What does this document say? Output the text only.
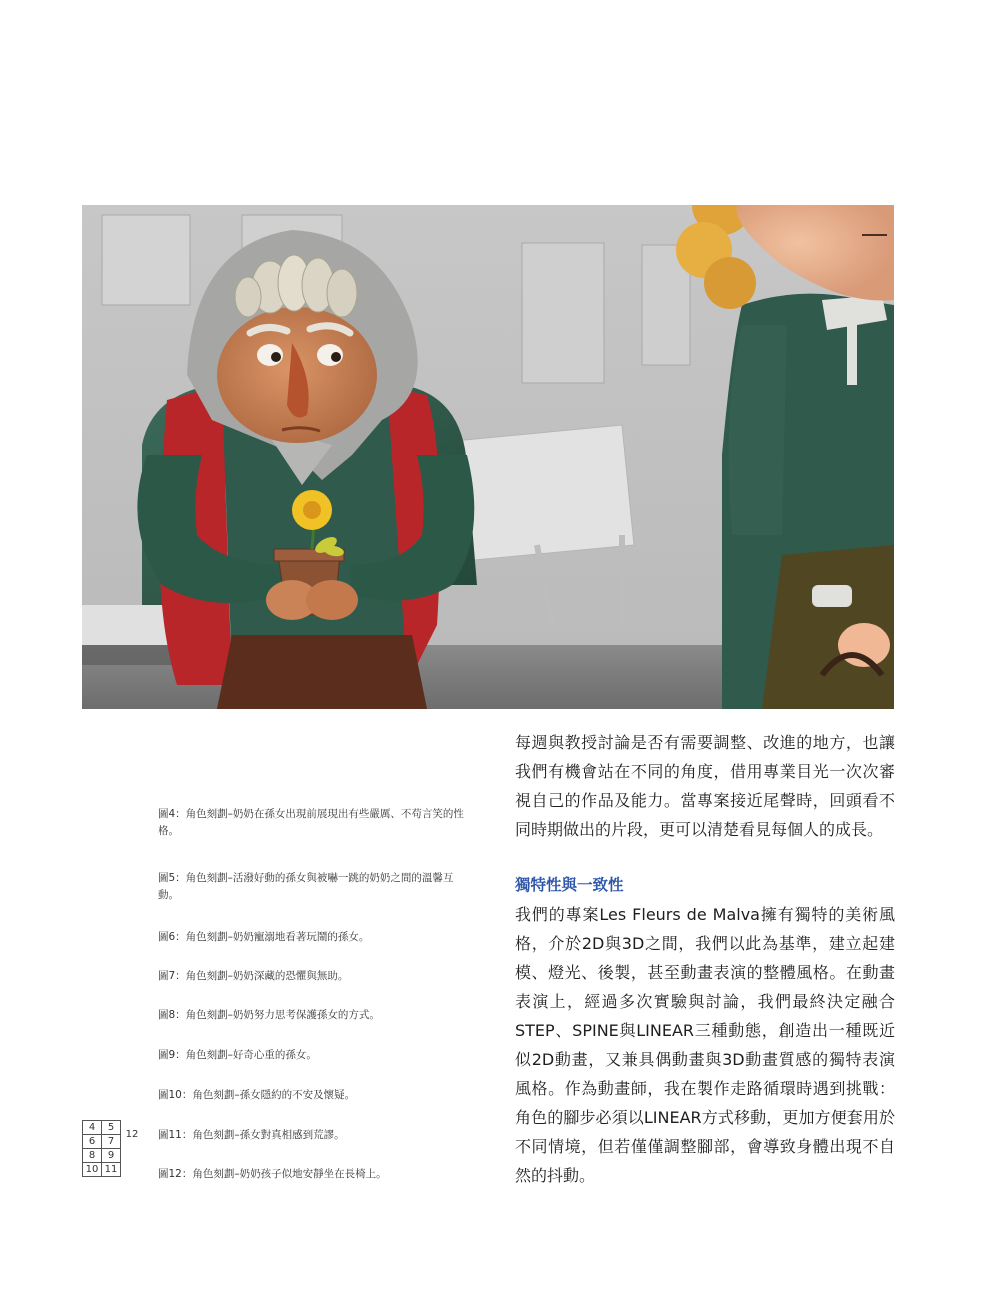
圖4：角色刻劃–奶奶在孫女出現前展現出有些嚴厲、不苟言笑的性格。
圖5：角色刻劃–活潑好動的孫女與被嚇一跳的奶奶之間的溫馨互動。
圖6：角色刻劃–奶奶寵溺地看著玩鬧的孫女。
圖7：角色刻劃–奶奶深藏的恐懼與無助。
圖8：角色刻劃–奶奶努力思考保護孫女的方式。
圖9：角色刻劃–好奇心重的孫女。
圖10：角色刻劃–孫女隱約的不安及懷疑。
圖11：角色刻劃–孫女對真相感到荒謬。
圖12：角色刻劃–奶奶孩子似地安靜坐在長椅上。
4	5	12
6	7	
8	9	
10	11	

每週與教授討論是否有需要調整、改進的地方，也讓我們有機會站在不同的角度，借用專業目光一次次審視自己的作品及能力。當專案接近尾聲時，回頭看不同時期做出的片段，更可以清楚看見每個人的成長。

獨特性與一致性

我們的專案Les Fleurs de Malva擁有獨特的美術風格，介於2D與3D之間，我們以此為基準，建立起建模、燈光、後製，甚至動畫表演的整體風格。在動畫表演上，經過多次實驗與討論，我們最終決定融合STEP、SPINE與LINEAR三種動態，創造出一種既近似2D動畫，又兼具偶動畫與3D動畫質感的獨特表演風格。作為動畫師，我在製作走路循環時遇到挑戰：角色的腳步必須以LINEAR方式移動，更加方便套用於不同情境，但若僅僅調整腳部，會導致身體出現不自然的抖動。
